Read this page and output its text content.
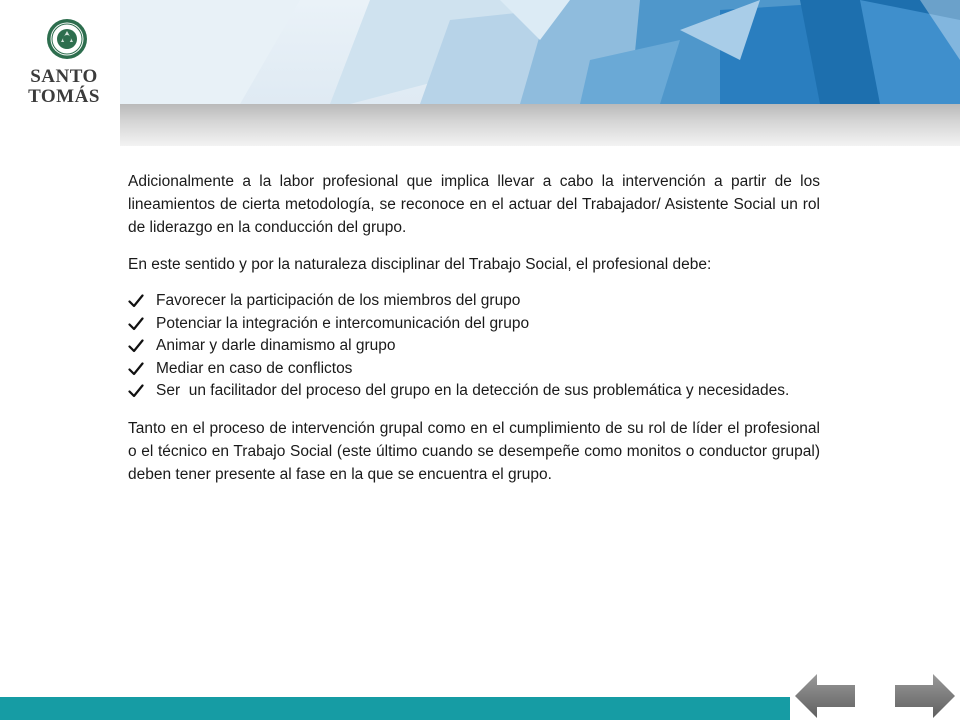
SANTO
TOMÁS

Adicionalmente a la labor profesional que implica llevar a cabo la intervención a partir de los lineamientos de cierta metodología, se reconoce en el actuar del Trabajador/ Asistente Social un rol de liderazgo en la conducción del grupo.

En este sentido y por la naturaleza disciplinar del Trabajo Social, el profesional debe:

Favorecer la participación de los miembros del grupo
Potenciar la integración e intercomunicación del grupo
Animar y darle dinamismo al grupo
Mediar en caso de conflictos
Ser  un facilitador del proceso del grupo en la detección de sus problemática y necesidades.

Tanto en el proceso de intervención grupal como en el cumplimiento de su rol de líder el profesional o el técnico en Trabajo Social (este último cuando se desempeñe como monitos o conductor grupal) deben tener presente al fase en la que se encuentra el grupo.
